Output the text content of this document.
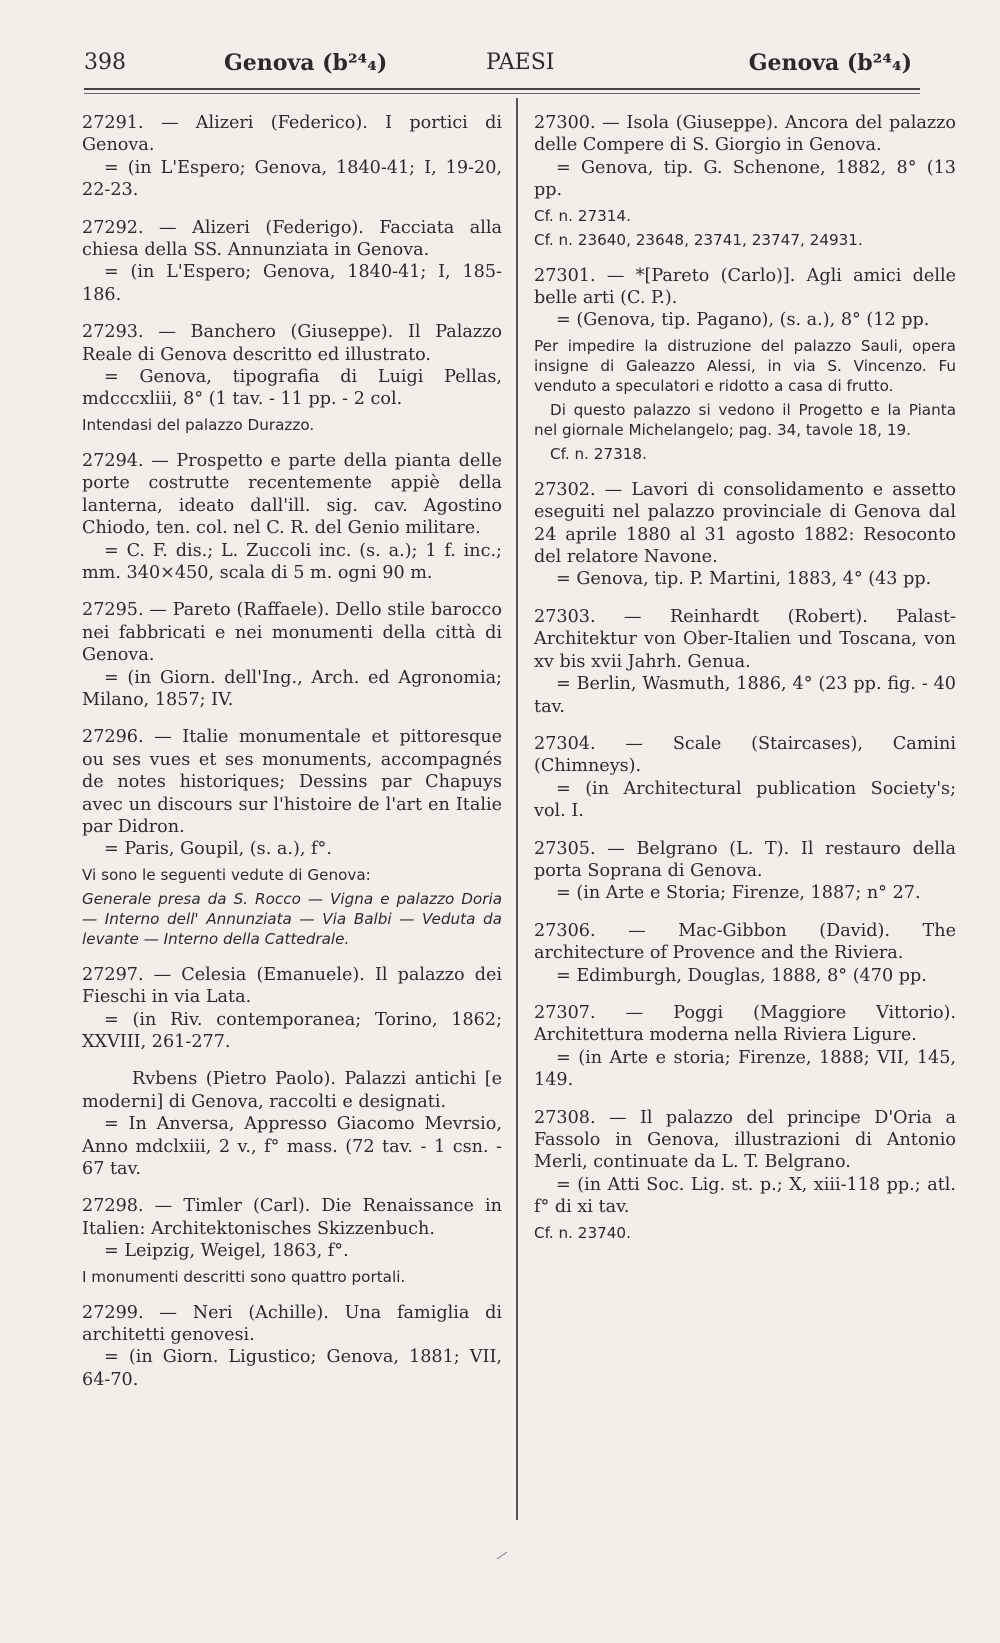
398	Genova (b²⁴₄)	PAESI	Genova (b²⁴₄)

27291. — Alizeri (Federico). I portici di Genova.

= (in L'Espero; Genova, 1840-41; I, 19-20, 22-23.

27292. — Alizeri (Federigo). Facciata alla chiesa della SS. Annunziata in Genova.

= (in L'Espero; Genova, 1840-41; I, 185-186.

27293. — Banchero (Giuseppe). Il Palazzo Reale di Genova descritto ed illustrato.

= Genova, tipografia di Luigi Pellas, mdcccxliii, 8° (1 tav. - 11 pp. - 2 col.

Intendasi del palazzo Durazzo.

27294. — Prospetto e parte della pianta delle porte costrutte recentemente appiè della lanterna, ideato dall'ill. sig. cav. Agostino Chiodo, ten. col. nel C. R. del Genio militare.

= C. F. dis.; L. Zuccoli inc. (s. a.); 1 f. inc.; mm. 340×450, scala di 5 m. ogni 90 m.

27295. — Pareto (Raffaele). Dello stile barocco nei fabbricati e nei monumenti della città di Genova.

= (in Giorn. dell'Ing., Arch. ed Agronomia; Milano, 1857; IV.

27296. — Italie monumentale et pittoresque ou ses vues et ses monuments, accompagnés de notes historiques; Dessins par Chapuys avec un discours sur l'histoire de l'art en Italie par Didron.

= Paris, Goupil, (s. a.), f°.

Vi sono le seguenti vedute di Genova:

Generale presa da S. Rocco — Vigna e palazzo Doria — Interno dell' Annunziata — Via Balbi — Veduta da levante — Interno della Cattedrale.

27297. — Celesia (Emanuele). Il palazzo dei Fieschi in via Lata.

= (in Riv. contemporanea; Torino, 1862; XXVIII, 261-277.

Rvbens (Pietro Paolo). Palazzi antichi [e moderni] di Genova, raccolti e designati.

= In Anversa, Appresso Giacomo Mevrsio, Anno mdclxiii, 2 v., f° mass. (72 tav. - 1 csn. - 67 tav.

27298. — Timler (Carl). Die Renaissance in Italien: Architektonisches Skizzenbuch.

= Leipzig, Weigel, 1863, f°.

I monumenti descritti sono quattro portali.

27299. — Neri (Achille). Una famiglia di architetti genovesi.

= (in Giorn. Ligustico; Genova, 1881; VII, 64-70.

27300. — Isola (Giuseppe). Ancora del palazzo delle Compere di S. Giorgio in Genova.

= Genova, tip. G. Schenone, 1882, 8° (13 pp.

Cf. n. 27314.

Cf. n. 23640, 23648, 23741, 23747, 24931.

27301. — *[Pareto (Carlo)]. Agli amici delle belle arti (C. P.).

= (Genova, tip. Pagano), (s. a.), 8° (12 pp.

Per impedire la distruzione del palazzo Sauli, opera insigne di Galeazzo Alessi, in via S. Vincenzo. Fu venduto a speculatori e ridotto a casa di frutto.

Di questo palazzo si vedono il Progetto e la Pianta nel giornale Michelangelo; pag. 34, tavole 18, 19.

Cf. n. 27318.

27302. — Lavori di consolidamento e assetto eseguiti nel palazzo provinciale di Genova dal 24 aprile 1880 al 31 agosto 1882: Resoconto del relatore Navone.

= Genova, tip. P. Martini, 1883, 4° (43 pp.

27303. — Reinhardt (Robert). Palast-Architektur von Ober-Italien und Toscana, von xv bis xvii Jahrh. Genua.

= Berlin, Wasmuth, 1886, 4° (23 pp. fig. - 40 tav.

27304. — Scale (Staircases), Camini (Chimneys).

= (in Architectural publication Society's; vol. I.

27305. — Belgrano (L. T). Il restauro della porta Soprana di Genova.

= (in Arte e Storia; Firenze, 1887; n° 27.

27306. — Mac-Gibbon (David). The architecture of Provence and the Riviera.

= Edimburgh, Douglas, 1888, 8° (470 pp.

27307. — Poggi (Maggiore Vittorio). Architettura moderna nella Riviera Ligure.

= (in Arte e storia; Firenze, 1888; VII, 145, 149.

27308. — Il palazzo del principe D'Oria a Fassolo in Genova, illustrazioni di Antonio Merli, continuate da L. T. Belgrano.

= (in Atti Soc. Lig. st. p.; X, xiii-118 pp.; atl. f° di xi tav.

Cf. n. 23740.
